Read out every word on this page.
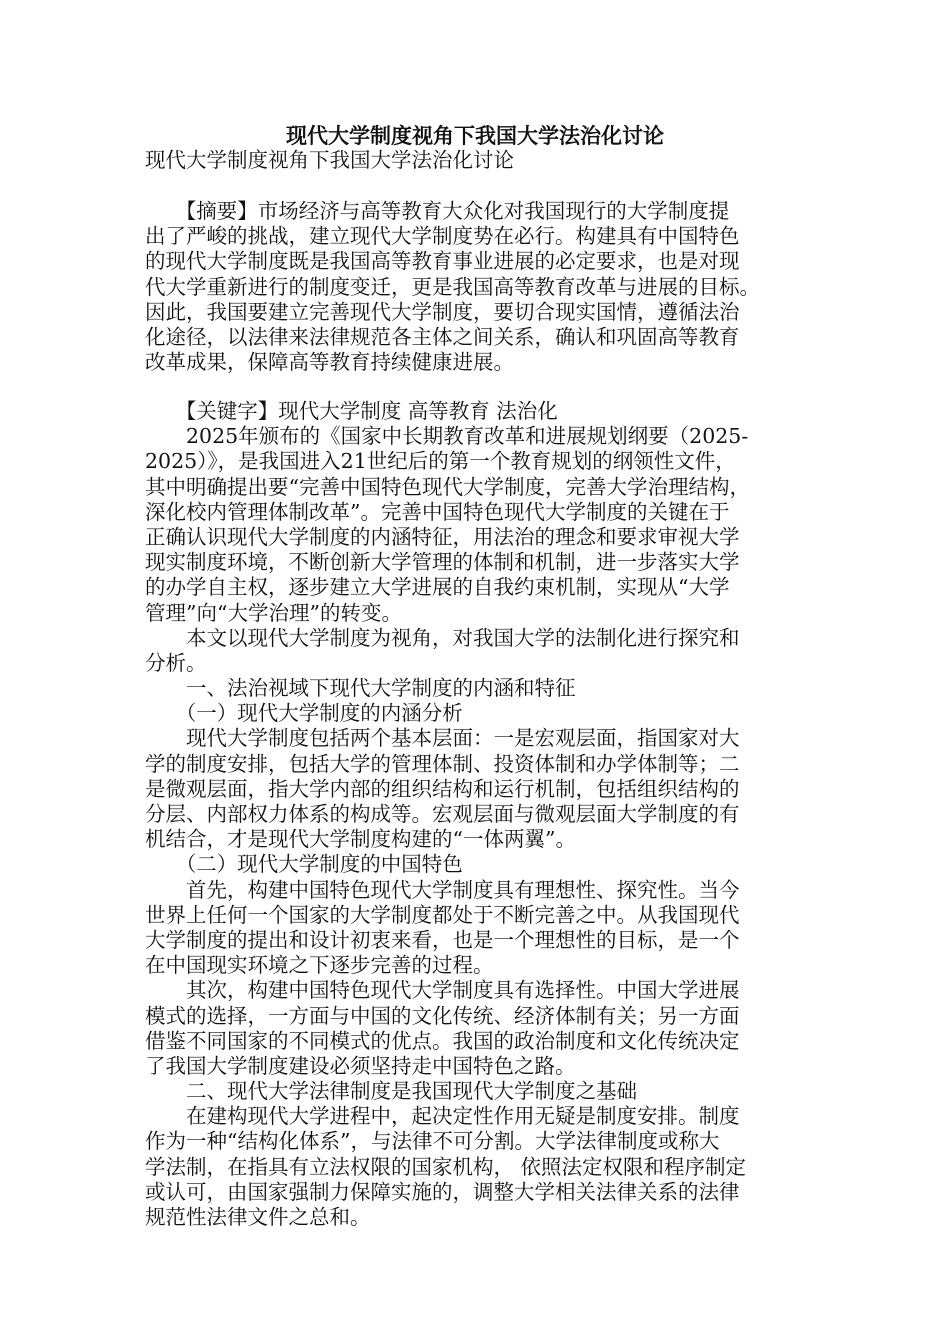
现代大学制度视角下我国大学法治化讨论
现代大学制度视角下我国大学法治化讨论
　　【摘要】市场经济与高等教育大众化对我国现行的大学制度提
出了严峻的挑战，建立现代大学制度势在必行。构建具有中国特色
的现代大学制度既是我国高等教育事业进展的必定要求，也是对现
代大学重新进行的制度变迁，更是我国高等教育改革与进展的目标。
因此，我国要建立完善现代大学制度，要切合现实国情，遵循法治
化途径，以法律来法律规范各主体之间关系，确认和巩固高等教育
改革成果，保障高等教育持续健康进展。
　　【关键字】现代大学制度 高等教育 法治化
　　2025年颁布的《国家中长期教育改革和进展规划纲要（2025-
2025）》，是我国进入21世纪后的第一个教育规划的纲领性文件，
其中明确提出要“完善中国特色现代大学制度，完善大学治理结构，
深化校内管理体制改革”。完善中国特色现代大学制度的关键在于
正确认识现代大学制度的内涵特征，用法治的理念和要求审视大学
现实制度环境，不断创新大学管理的体制和机制，进一步落实大学
的办学自主权，逐步建立大学进展的自我约束机制，实现从“大学
管理”向“大学治理”的转变。
　　本文以现代大学制度为视角，对我国大学的法制化进行探究和
分析。
　　一、法治视域下现代大学制度的内涵和特征
　　（一）现代大学制度的内涵分析
　　现代大学制度包括两个基本层面：一是宏观层面，指国家对大
学的制度安排，包括大学的管理体制、投资体制和办学体制等；二
是微观层面，指大学内部的组织结构和运行机制，包括组织结构的
分层、内部权力体系的构成等。宏观层面与微观层面大学制度的有
机结合，才是现代大学制度构建的“一体两翼”。
　　（二）现代大学制度的中国特色
　　首先，构建中国特色现代大学制度具有理想性、探究性。当今
世界上任何一个国家的大学制度都处于不断完善之中。从我国现代
大学制度的提出和设计初衷来看，也是一个理想性的目标，是一个
在中国现实环境之下逐步完善的过程。
　　其次，构建中国特色现代大学制度具有选择性。中国大学进展
模式的选择，一方面与中国的文化传统、经济体制有关；另一方面
借鉴不同国家的不同模式的优点。我国的政治制度和文化传统决定
了我国大学制度建设必须坚持走中国特色之路。
　　二、现代大学法律制度是我国现代大学制度之基础
　　在建构现代大学进程中，起决定性作用无疑是制度安排。制度
作为一种“结构化体系”，与法律不可分割。大学法律制度或称大
学法制，在指具有立法权限的国家机构， 依照法定权限和程序制定
或认可，由国家强制力保障实施的，调整大学相关法律关系的法律
规范性法律文件之总和。
